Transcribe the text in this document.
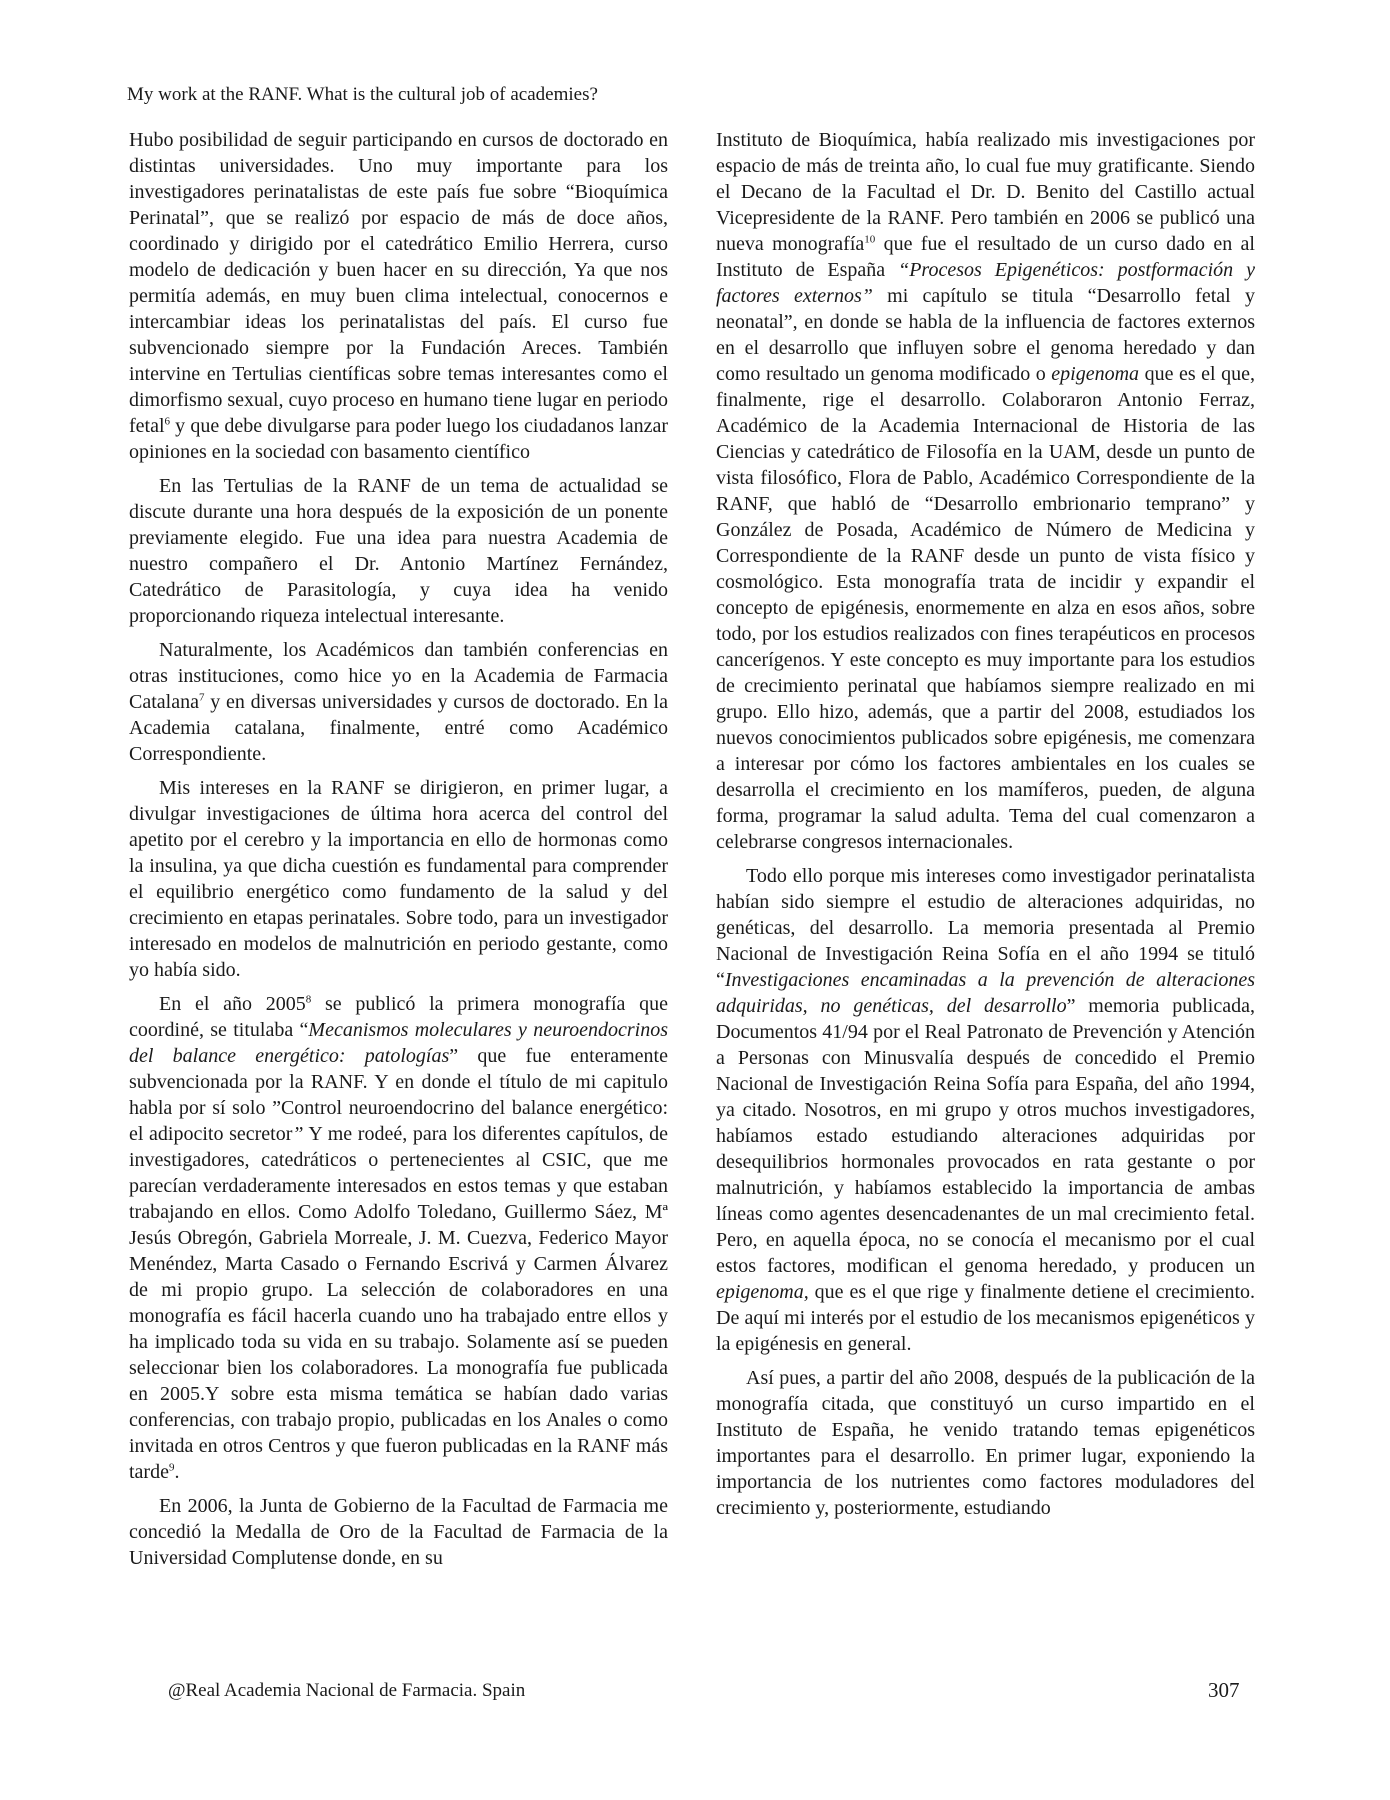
My work at the RANF. What is the cultural job of academies?

Hubo posibilidad de seguir participando en cursos de doctorado en distintas universidades. Uno muy importante para los investigadores perinatalistas de este país fue sobre “Bioquímica Perinatal”, que se realizó por espacio de más de doce años, coordinado y dirigido por el catedrático Emilio Herrera, curso modelo de dedicación y buen hacer en su dirección, Ya que nos permitía además, en muy buen clima intelectual, conocernos e intercambiar ideas los perinatalistas del país. El curso fue subvencionado siempre por la Fundación Areces. También intervine en Tertulias científicas sobre temas interesantes como el dimorfismo sexual, cuyo proceso en humano tiene lugar en periodo fetal$^6$ y que debe divulgarse para poder luego los ciudadanos lanzar opiniones en la sociedad con basamento científico

En las Tertulias de la RANF de un tema de actualidad se discute durante una hora después de la exposición de un ponente previamente elegido. Fue una idea para nuestra Academia de nuestro compañero el Dr. Antonio Martínez Fernández, Catedrático de Parasitología, y cuya idea ha venido proporcionando riqueza intelectual interesante.

Naturalmente, los Académicos dan también conferencias en otras instituciones, como hice yo en la Academia de Farmacia Catalana$^7$ y en diversas universidades y cursos de doctorado. En la Academia catalana, finalmente, entré como Académico Correspondiente.

Mis intereses en la RANF se dirigieron, en primer lugar, a divulgar investigaciones de última hora acerca del control del apetito por el cerebro y la importancia en ello de hormonas como la insulina, ya que dicha cuestión es fundamental para comprender el equilibrio energético como fundamento de la salud y del crecimiento en etapas perinatales. Sobre todo, para un investigador interesado en modelos de malnutrición en periodo gestante, como yo había sido.

En el año 2005$^8$ se publicó la primera monografía que coordiné, se titulaba “Mecanismos moleculares y neuroendocrinos del balance energético: patologías” que fue enteramente subvencionada por la RANF. Y en donde el título de mi capitulo habla por sí solo ”Control neuroendocrino del balance energético: el adipocito secretor” Y me rodeé, para los diferentes capítulos, de investigadores, catedráticos o pertenecientes al CSIC, que me parecían verdaderamente interesados en estos temas y que estaban trabajando en ellos. Como Adolfo Toledano, Guillermo Sáez, Mª Jesús Obregón, Gabriela Morreale, J. M. Cuezva, Federico Mayor Menéndez, Marta Casado o Fernando Escrivá y Carmen Álvarez de mi propio grupo. La selección de colaboradores en una monografía es fácil hacerla cuando uno ha trabajado entre ellos y ha implicado toda su vida en su trabajo. Solamente así se pueden seleccionar bien los colaboradores. La monografía fue publicada en 2005.Y sobre esta misma temática se habían dado varias conferencias, con trabajo propio, publicadas en los Anales o como invitada en otros Centros y que fueron publicadas en la RANF más tarde$^9$.

En 2006, la Junta de Gobierno de la Facultad de Farmacia me concedió la Medalla de Oro de la Facultad de Farmacia de la Universidad Complutense donde, en su

Instituto de Bioquímica, había realizado mis investigaciones por espacio de más de treinta año, lo cual fue muy gratificante. Siendo el Decano de la Facultad el Dr. D. Benito del Castillo actual Vicepresidente de la RANF. Pero también en 2006 se publicó una nueva monografía$^{10}$ que fue el resultado de un curso dado en al Instituto de España “Procesos Epigenéticos: postformación y factores externos” mi capítulo se titula “Desarrollo fetal y neonatal”, en donde se habla de la influencia de factores externos en el desarrollo que influyen sobre el genoma heredado y dan como resultado un genoma modificado o epigenoma que es el que, finalmente, rige el desarrollo. Colaboraron Antonio Ferraz, Académico de la Academia Internacional de Historia de las Ciencias y catedrático de Filosofía en la UAM, desde un punto de vista filosófico, Flora de Pablo, Académico Correspondiente de la RANF, que habló de “Desarrollo embrionario temprano” y González de Posada, Académico de Número de Medicina y Correspondiente de la RANF desde un punto de vista físico y cosmológico. Esta monografía trata de incidir y expandir el concepto de epigénesis, enormemente en alza en esos años, sobre todo, por los estudios realizados con fines terapéuticos en procesos cancerígenos. Y este concepto es muy importante para los estudios de crecimiento perinatal que habíamos siempre realizado en mi grupo. Ello hizo, además, que a partir del 2008, estudiados los nuevos conocimientos publicados sobre epigénesis, me comenzara a interesar por cómo los factores ambientales en los cuales se desarrolla el crecimiento en los mamíferos, pueden, de alguna forma, programar la salud adulta. Tema del cual comenzaron a celebrarse congresos internacionales.

Todo ello porque mis intereses como investigador perinatalista habían sido siempre el estudio de alteraciones adquiridas, no genéticas, del desarrollo. La memoria presentada al Premio Nacional de Investigación Reina Sofía en el año 1994 se tituló “Investigaciones encaminadas a la prevención de alteraciones adquiridas, no genéticas, del desarrollo” memoria publicada, Documentos 41/94 por el Real Patronato de Prevención y Atención a Personas con Minusvalía después de concedido el Premio Nacional de Investigación Reina Sofía para España, del año 1994, ya citado. Nosotros, en mi grupo y otros muchos investigadores, habíamos estado estudiando alteraciones adquiridas por desequilibrios hormonales provocados en rata gestante o por malnutrición, y habíamos establecido la importancia de ambas líneas como agentes desencadenantes de un mal crecimiento fetal. Pero, en aquella época, no se conocía el mecanismo por el cual estos factores, modifican el genoma heredado, y producen un epigenoma, que es el que rige y finalmente detiene el crecimiento. De aquí mi interés por el estudio de los mecanismos epigenéticos y la epigénesis en general.

Así pues, a partir del año 2008, después de la publicación de la monografía citada, que constituyó un curso impartido en el Instituto de España, he venido tratando temas epigenéticos importantes para el desarrollo. En primer lugar, exponiendo la importancia de los nutrientes como factores moduladores del crecimiento y, posteriormente, estudiando

@Real Academia Nacional de Farmacia. Spain	307
